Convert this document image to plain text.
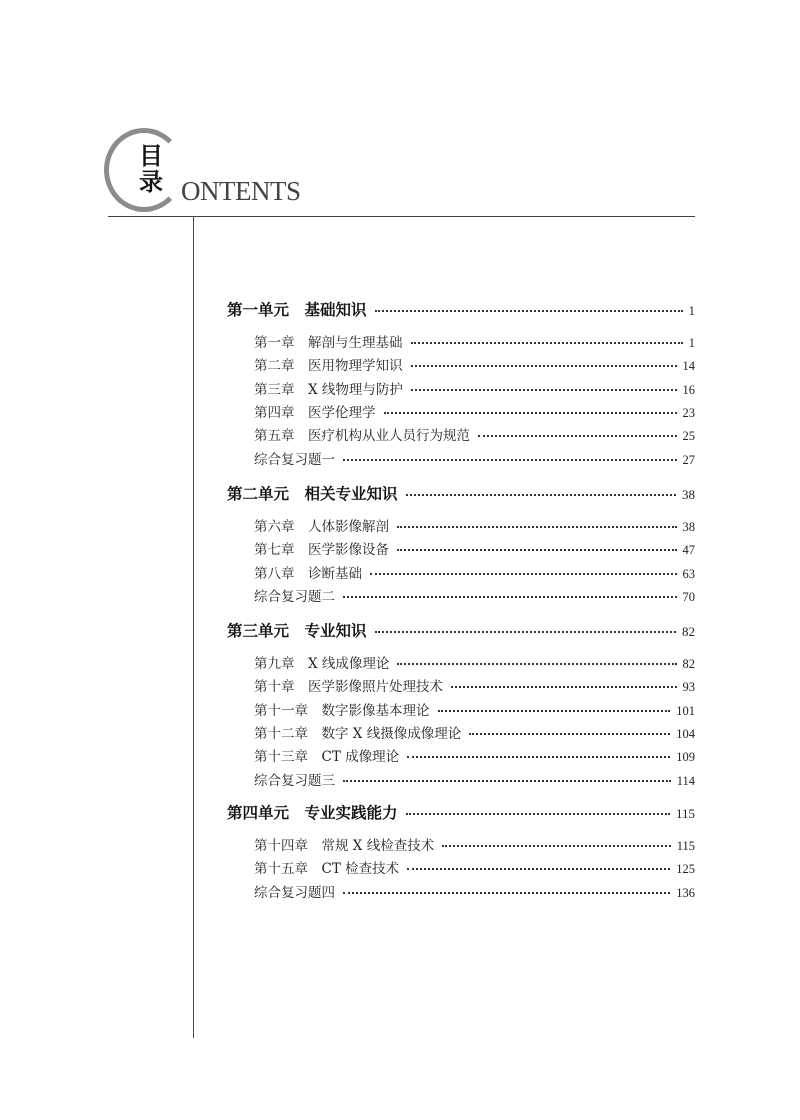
目录 ONTENTS
第一单元　基础知识	1
第一章　解剖与生理基础	1
第二章　医用物理学知识	14
第三章　X 线物理与防护	16
第四章　医学伦理学	23
第五章　医疗机构从业人员行为规范	25
综合复习题一	27
第二单元　相关专业知识	38
第六章　人体影像解剖	38
第七章　医学影像设备	47
第八章　诊断基础	63
综合复习题二	70
第三单元　专业知识	82
第九章　X 线成像理论	82
第十章　医学影像照片处理技术	93
第十一章　数字影像基本理论	101
第十二章　数字 X 线摄像成像理论	104
第十三章　CT 成像理论	109
综合复习题三	114
第四单元　专业实践能力	115
第十四章　常规 X 线检查技术	115
第十五章　CT 检查技术	125
综合复习题四	136
